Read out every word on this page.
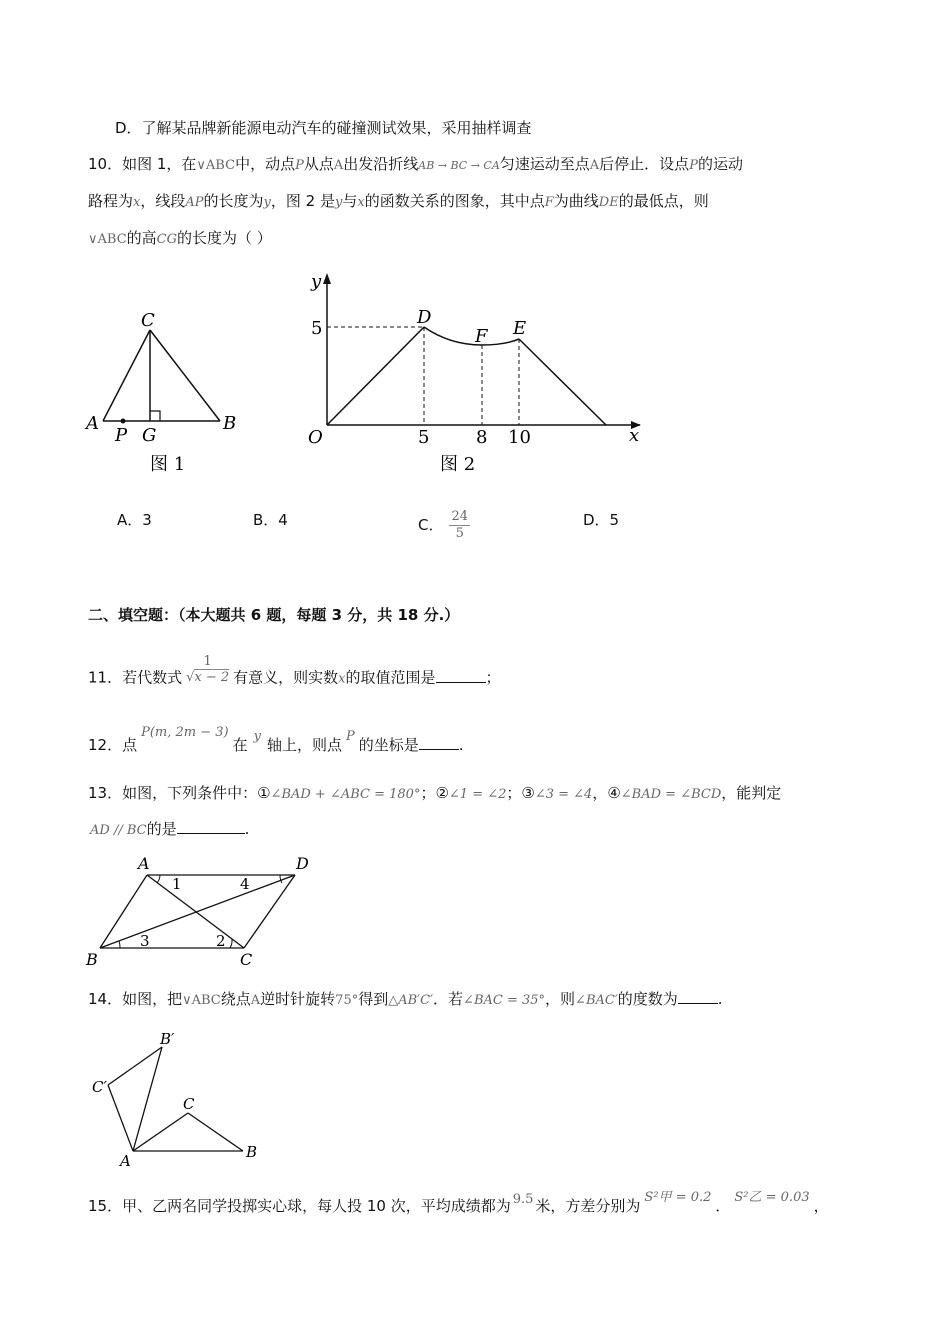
D．了解某品牌新能源电动汽车的碰撞测试效果，采用抽样调查
10．如图 1，在∨ABC中，动点P从点A出发沿折线AB → BC → CA匀速运动至点A后停止．设点P的运动
路程为x，线段AP的长度为y，图 2 是y与x的函数关系的图象，其中点F为曲线DE的最低点，则
∨ABC的高CG的长度为（ ）
C
A	B
P G
图 1
y
x
O
5
5	8 10
D
F E
图 2
A．3	B．4	C． $\frac{24}{5}$	D．5
二、填空题：（本大题共 6 题，每题 3 分，共 18 分.）
11．若代数式
1
√x − 2 有意义，则实数x的取值范围是	；
12．点P(m, 2m − 3)在 y 轴上，则点 P 的坐标是	.
13．如图，下列条件中：①∠BAD + ∠ABC = 180°；②∠1 = ∠2；③∠3 = ∠4，④∠BAD = ∠BCD，能判定
AD // BC的是	.
A	D
B	C
1	4
3	2
14．如图，把∨ABC绕点A逆时针旋转75°得到△AB′C′．若∠BAC = 35°，则∠BAC′的度数为	.
A	B
C
B′
C′
15．甲、乙两名同学投掷实心球，每人投 10 次，平均成绩都为 9.5 米，方差分别为 S²甲 = 0.2 ． S²乙 = 0.03 ，
